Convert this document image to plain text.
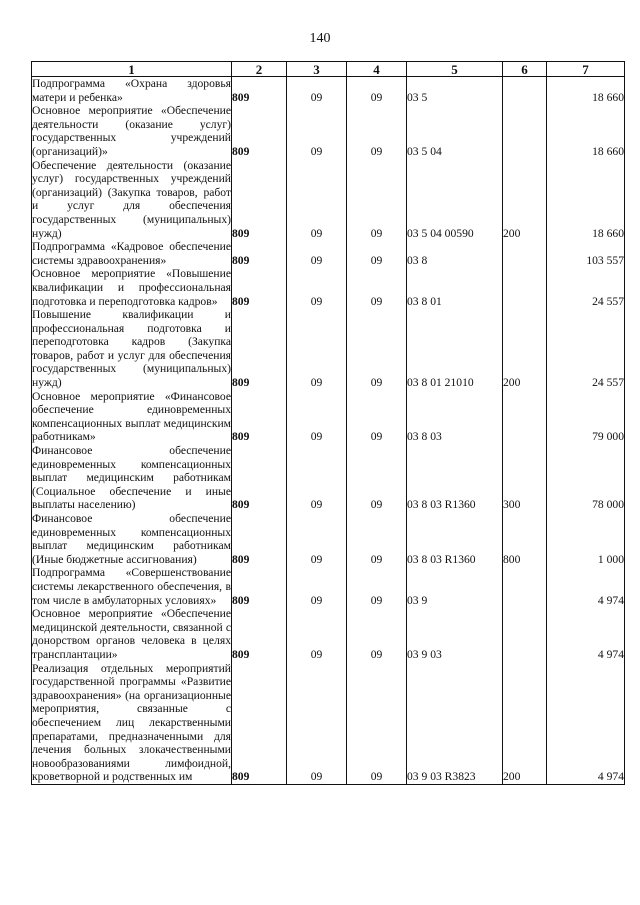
140
1	2	3	4	5	6	7
Подпрограмма «Охрана здоровья матери и ребенка»	809	09	09	03 5		18 660
Основное мероприятие «Обеспечение деятельности (оказание услуг) государственных учреждений (организаций)»	809	09	09	03 5 04		18 660
Обеспечение деятельности (оказание услуг) государственных учреждений (организаций) (Закупка товаров, работ и услуг для обеспечения государственных (муниципальных) нужд)	809	09	09	03 5 04 00590	200	18 660
Подпрограмма «Кадровое обеспечение системы здравоохранения»	809	09	09	03 8		103 557
Основное мероприятие «Повышение квалификации и профессиональная подготовка и переподготовка кадров»	809	09	09	03 8 01		24 557
Повышение квалификации и профессиональная подготовка и переподготовка кадров (Закупка товаров, работ и услуг для обеспечения государственных (муниципальных) нужд)	809	09	09	03 8 01 21010	200	24 557
Основное мероприятие «Финансовое обеспечение единовременных компенсационных выплат медицинским работникам»	809	09	09	03 8 03		79 000
Финансовое обеспечение единовременных компенсационных выплат медицинским работникам (Социальное обеспечение и иные выплаты населению)	809	09	09	03 8 03 R1360	300	78 000
Финансовое обеспечение единовременных компенсационных выплат медицинским работникам (Иные бюджетные ассигнования)	809	09	09	03 8 03 R1360	800	1 000
Подпрограмма «Совершенствование системы лекарственного обеспечения, в том числе в амбулаторных условиях»	809	09	09	03 9		4 974
Основное мероприятие «Обеспечение медицинской деятельности, связанной с донорством органов человека в целях трансплантации»	809	09	09	03 9 03		4 974
Реализация отдельных мероприятий государственной программы «Развитие здравоохранения» (на организационные мероприятия, связанные с обеспечением лиц лекарственными препаратами, предназначенными для лечения больных злокачественными новообразованиями лимфоидной, кроветворной и родственных им	809	09	09	03 9 03 R3823	200	4 974
